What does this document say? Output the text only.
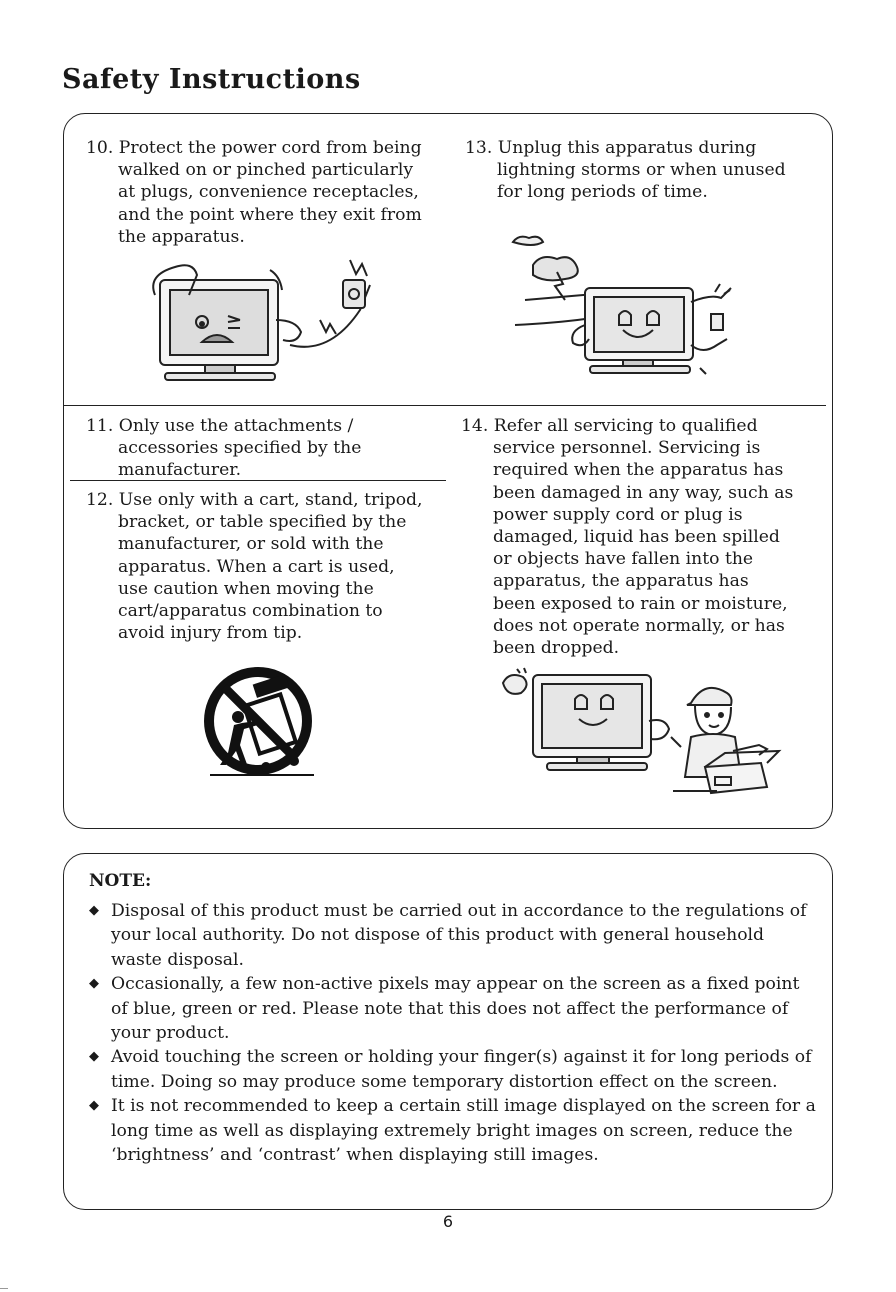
Safety Instructions
10. Protect the power cord from being
walked on or pinched particularly
at plugs, convenience receptacles,
and the point where they exit from
the apparatus.
13. Unplug this apparatus during
lightning storms or when unused
for long periods of time.
11. Only use the attachments /
accessories specified by the
manufacturer.
12. Use only with a cart, stand, tripod,
bracket, or table specified by the
manufacturer, or sold with the
apparatus. When a cart is used,
use caution when moving the
cart/apparatus combination to
avoid injury from tip.
14. Refer all servicing to qualified
service personnel. Servicing is
required when the apparatus has
been damaged in any way, such as
power supply cord or plug is
damaged, liquid has been spilled
or objects have fallen into the
apparatus, the apparatus has
been exposed to rain or moisture,
does not operate normally, or has
been dropped.
NOTE:
◆ Disposal of this product must be carried out in accordance to the regulations of your local authority. Do not dispose of this product with general household waste disposal.
◆ Occasionally, a few non-active pixels may appear on the screen as a fixed point of blue, green or red. Please note that this does not affect the performance of your product.
◆ Avoid touching the screen or holding your finger(s) against it for long periods of time. Doing so may produce some temporary distortion effect on the screen.
◆ It is not recommended to keep a certain still image displayed on the screen for a long time as well as displaying extremely bright images on screen, reduce the ‘brightness’ and ‘contrast’ when displaying still images.
6
